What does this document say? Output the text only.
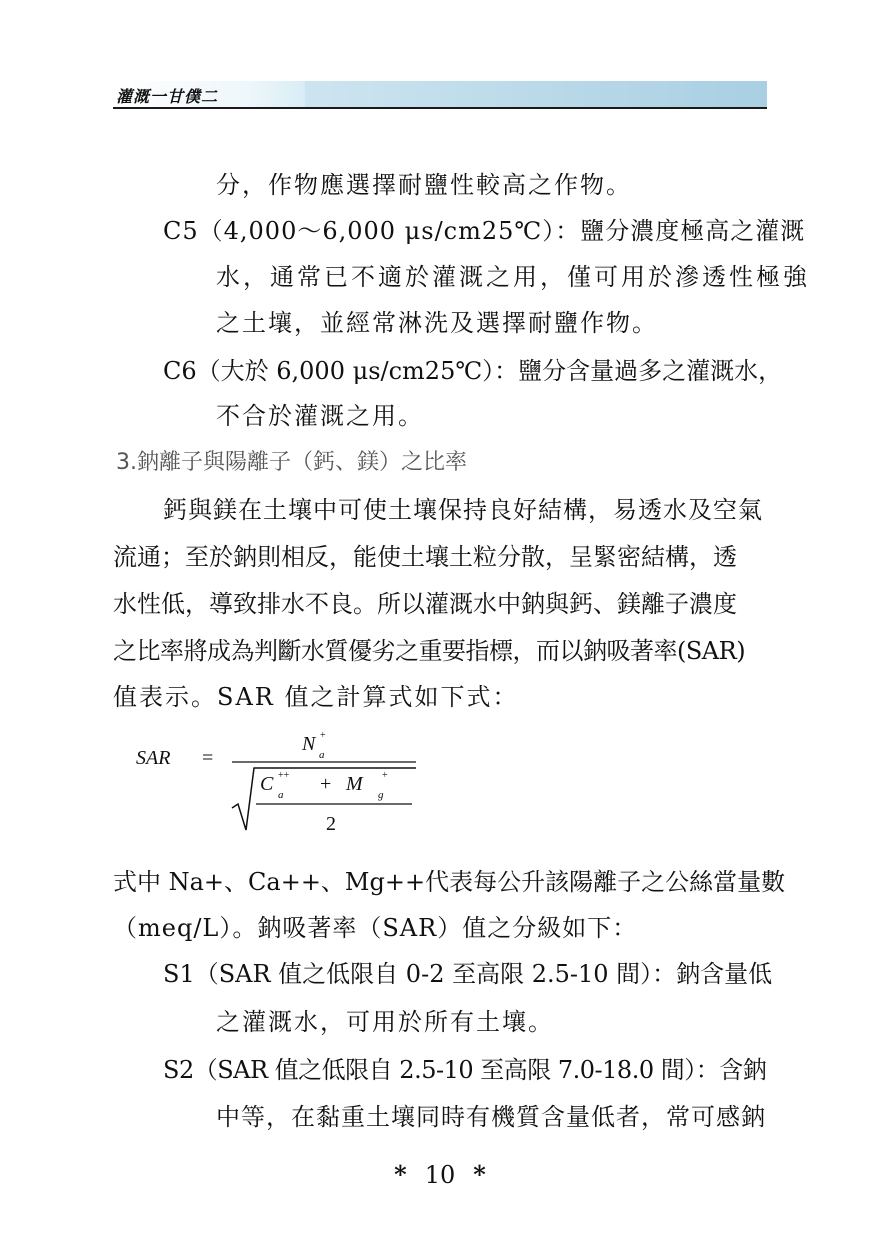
灌溉一甘僕二
分，作物應選擇耐鹽性較高之作物。
C5（4,000～6,000 μs/cm25℃）：鹽分濃度極高之灌溉
水，通常已不適於灌溉之用，僅可用於滲透性極強
之土壤，並經常淋洗及選擇耐鹽作物。
C6（大於 6,000 μs/cm25℃）：鹽分含量過多之灌溉水，
不合於灌溉之用。
3.鈉離子與陽離子（鈣、鎂）之比率
鈣與鎂在土壤中可使土壤保持良好結構，易透水及空氣
流通；至於鈉則相反，能使土壤土粒分散，呈緊密結構，透
水性低，導致排水不良。所以灌溉水中鈉與鈣、鎂離子濃度
之比率將成為判斷水質優劣之重要指標，而以鈉吸著率(SAR)
值表示。SAR 值之計算式如下式：
SAR =
N +
a
C ++
a + M +
g
2
式中 Na+、Ca++、Mg++代表每公升該陽離子之公絲當量數
（meq/L）。鈉吸著率（SAR）值之分級如下：
S1（SAR 值之低限自 0-2 至高限 2.5-10 間）：鈉含量低
之灌溉水，可用於所有土壤。
S2（SAR 值之低限自 2.5-10 至高限 7.0-18.0 間）：含鈉
中等，在黏重土壤同時有機質含量低者，常可感鈉
* 10 *
